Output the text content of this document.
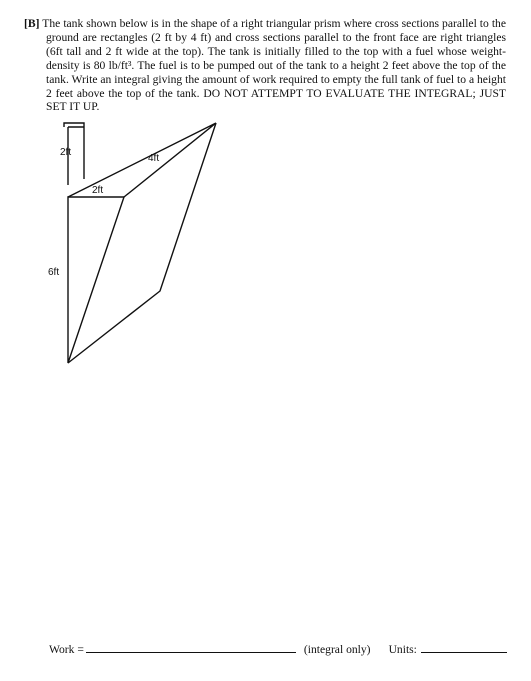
[B] The tank shown below is in the shape of a right triangular prism where cross sections parallel to the ground are rectangles (2 ft by 4 ft) and cross sections parallel to the front face are right triangles (6ft tall and 2 ft wide at the top). The tank is initially filled to the top with a fuel whose weight-density is 80 lb/ft³. The fuel is to be pumped out of the tank to a height 2 feet above the top of the tank. Write an integral giving the amount of work required to empty the full tank of fuel to a height 2 feet above the top of the tank. DO NOT ATTEMPT TO EVALUATE THE INTEGRAL; JUST SET IT UP.
2ft
4ft
2ft
6ft
Work =	(integral only) Units:
